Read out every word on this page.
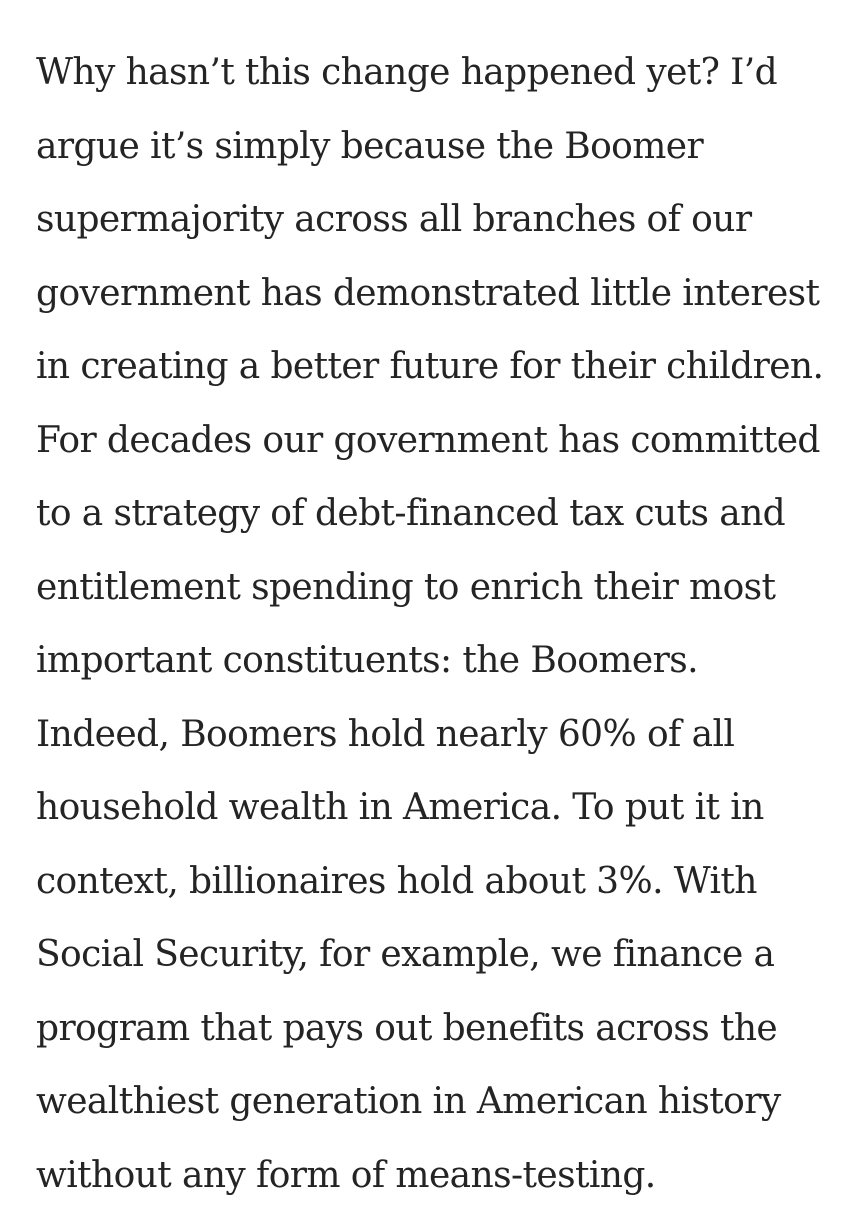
Why hasn’t this change happened yet? I’d
argue it’s simply because the Boomer
supermajority across all branches of our
government has demonstrated little interest
in creating a better future for their children.
For decades our government has committed
to a strategy of debt-financed tax cuts and
entitlement spending to enrich their most
important constituents: the Boomers.
Indeed, Boomers hold nearly 60% of all
household wealth in America. To put it in
context, billionaires hold about 3%. With
Social Security, for example, we finance a
program that pays out benefits across the
wealthiest generation in American history
without any form of means-testing.
